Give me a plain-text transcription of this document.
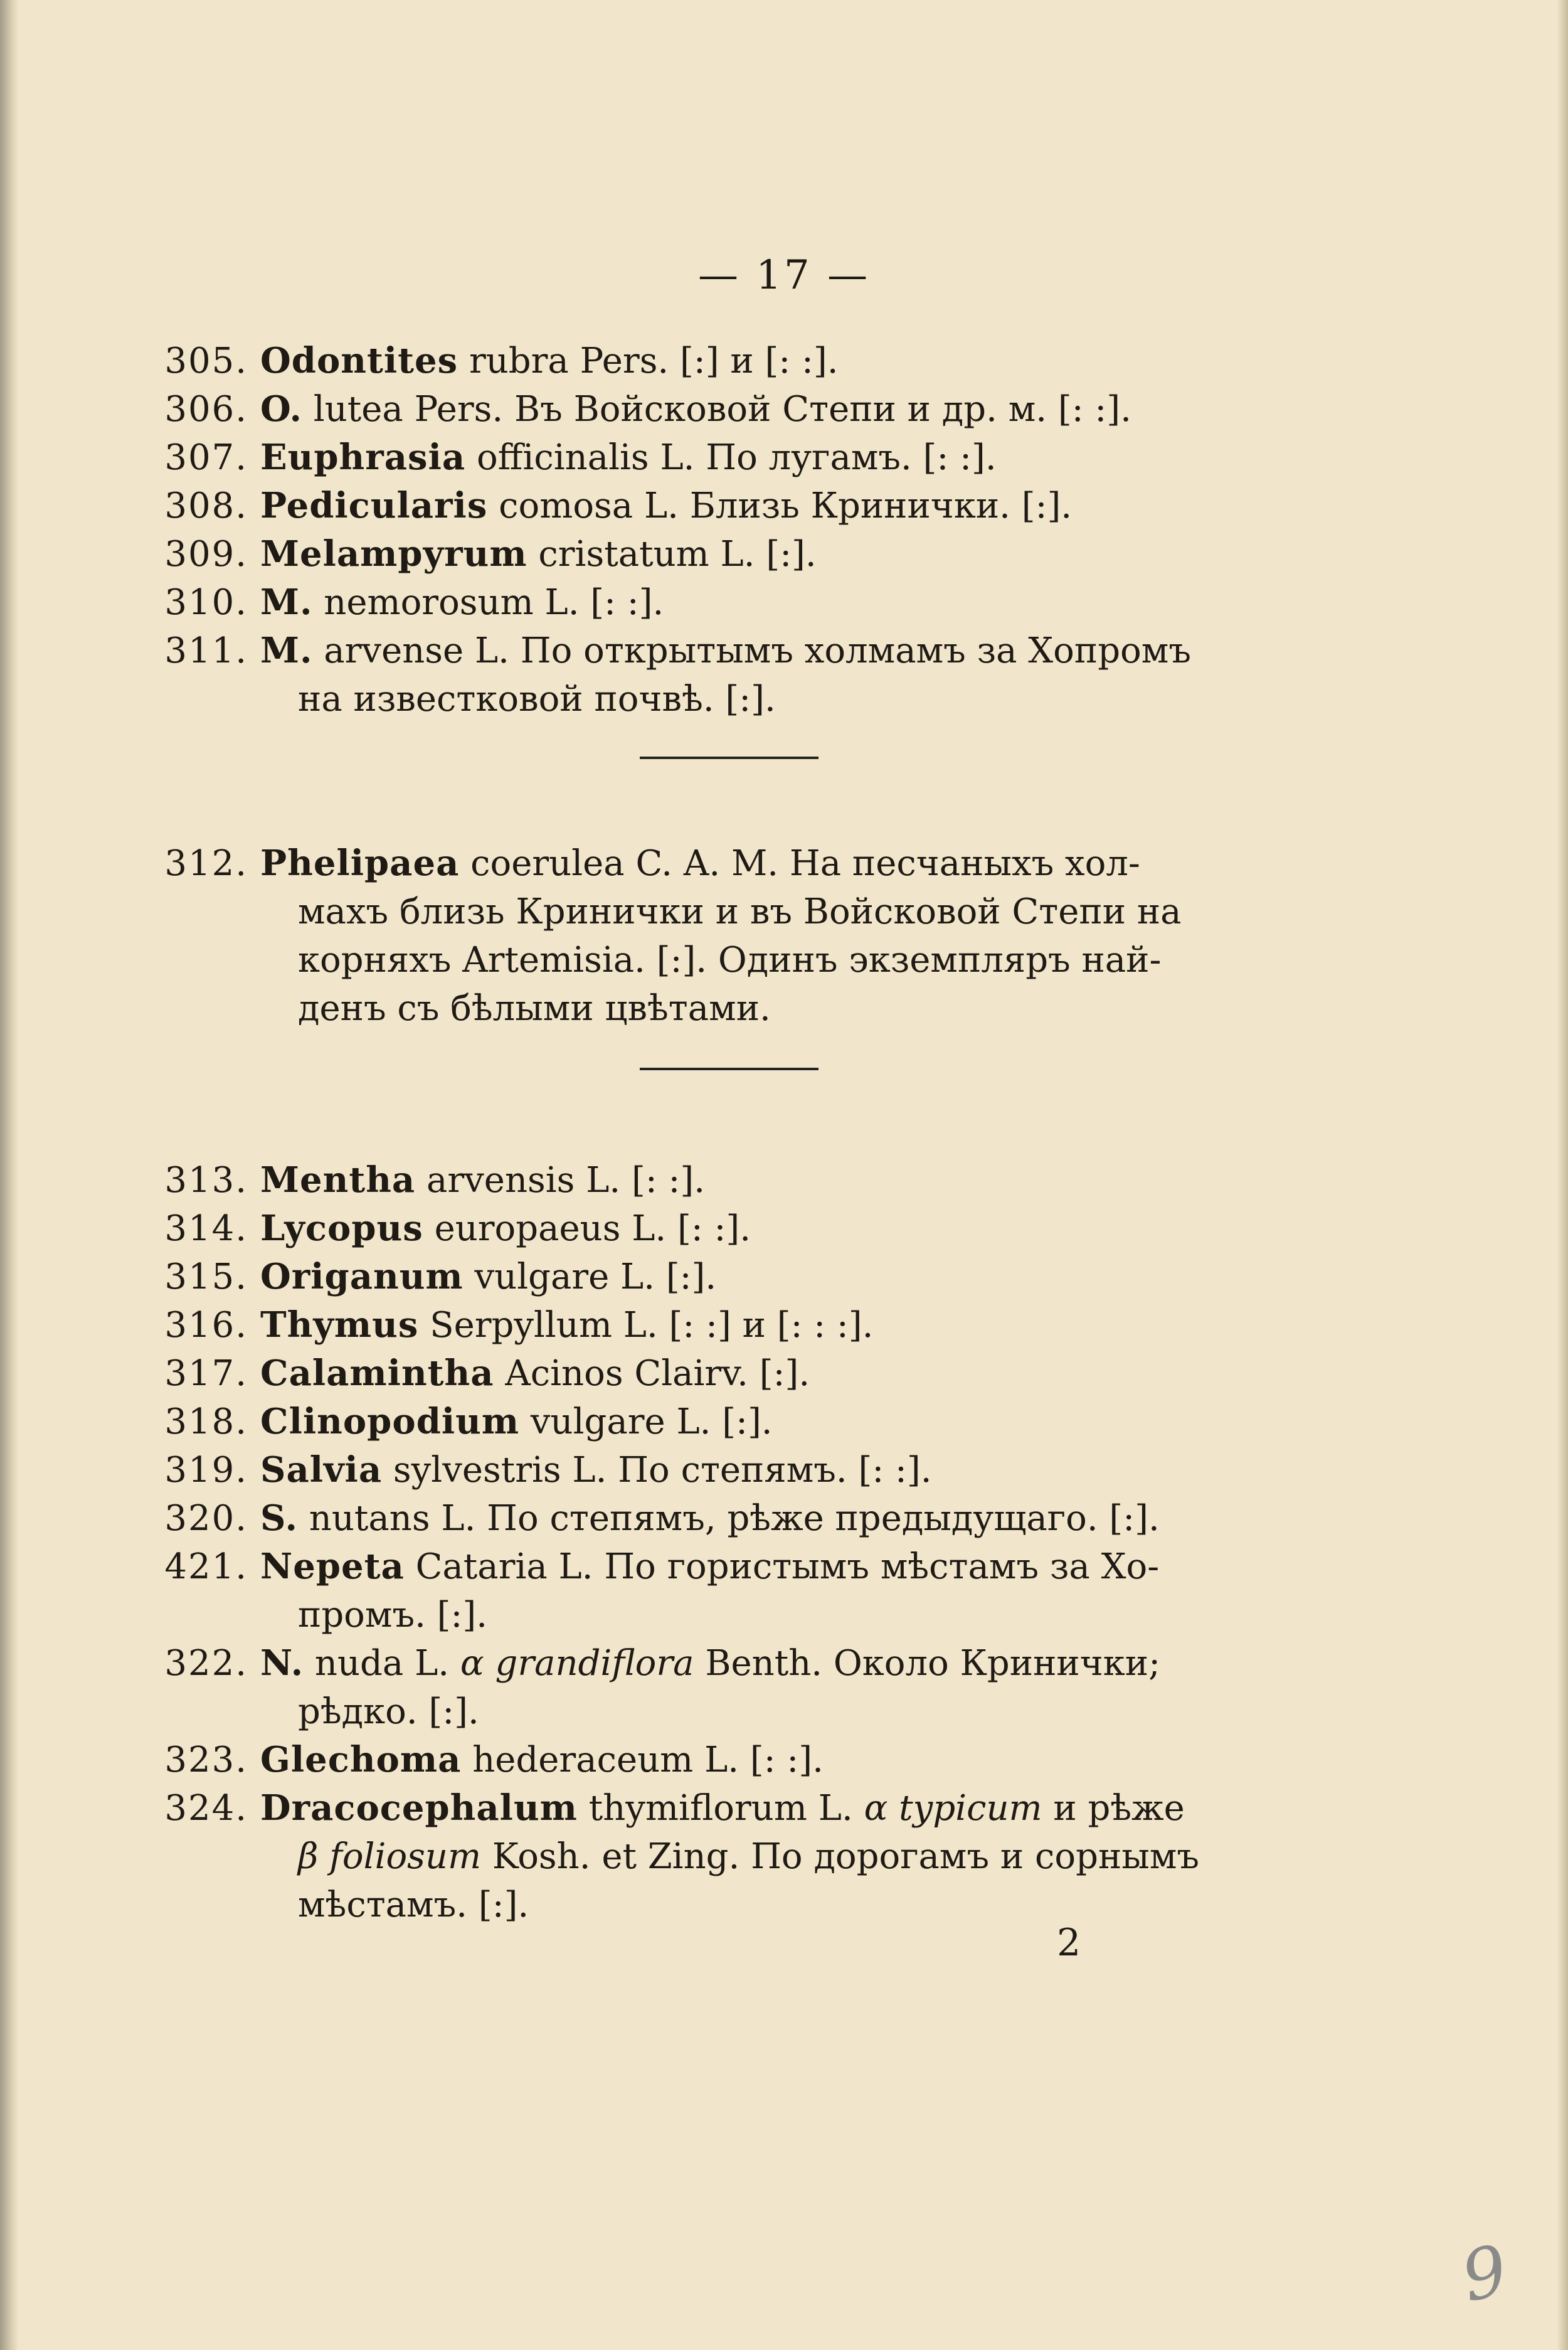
— 17 —
305. Odontites rubra Pers. [:] и [: :].
306. O. lutea Pers. Въ Войсковой Степи и др. м. [: :].
307. Euphrasia officinalis L. По лугамъ. [: :].
308. Pedicularis comosa L. Близь Кринички. [:].
309. Melampyrum cristatum L. [:].
310. M. nemorosum L. [: :].
311. M. arvense L. По открытымъ холмамъ за Хопромъ
на известковой почвѣ. [:].
312. Phelipaea coerulea C. A. M. На песчаныхъ хол-
махъ близь Кринички и въ Войсковой Степи на
корняхъ Artemisia. [:]. Одинъ экземпляръ най-
денъ съ бѣлыми цвѣтами.
313. Mentha arvensis L. [: :].
314. Lycopus europaeus L. [: :].
315. Origanum vulgare L. [:].
316. Thymus Serpyllum L. [: :] и [: : :].
317. Calamintha Acinos Clairv. [:].
318. Clinopodium vulgare L. [:].
319. Salvia sylvestris L. По степямъ. [: :].
320. S. nutans L. По степямъ, рѣже предыдущаго. [:].
421. Nepeta Cataria L. По гористымъ мѣстамъ за Хо-
промъ. [:].
322. N. nuda L. α grandiflora Benth. Около Кринички;
рѣдко. [:].
323. Glechoma hederaceum L. [: :].
324. Dracocephalum thymiflorum L. α typicum и рѣже
β foliosum Kosh. et Zing. По дорогамъ и сорнымъ
мѣстамъ. [:].
2
9
